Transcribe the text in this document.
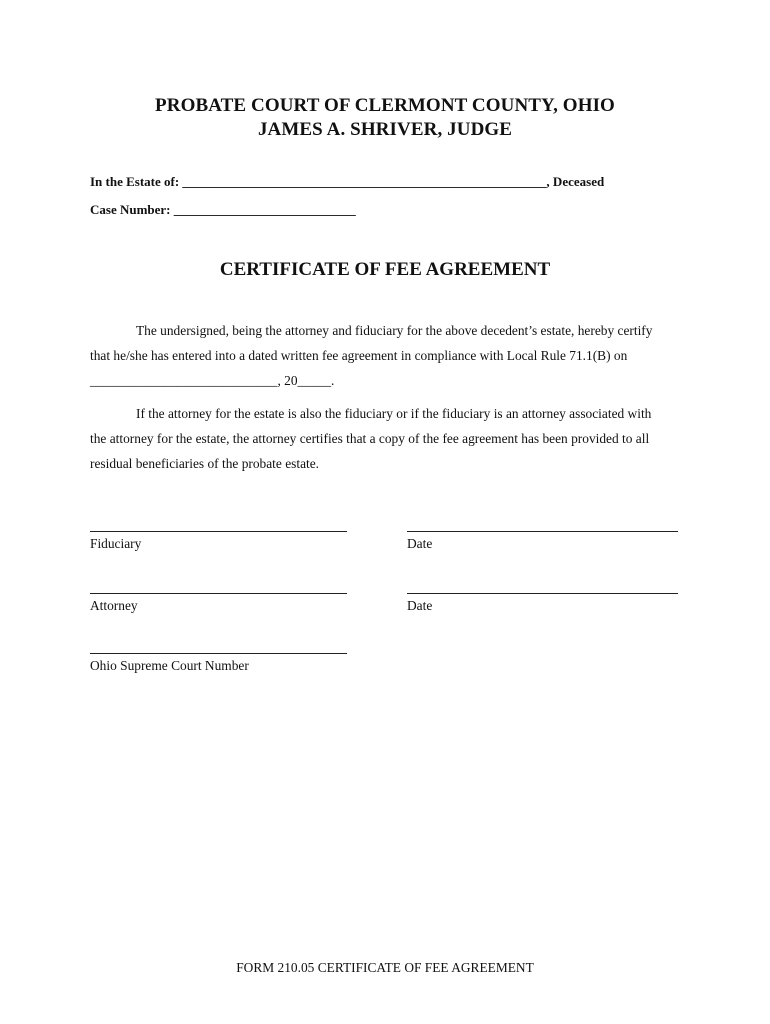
PROBATE COURT OF CLERMONT COUNTY, OHIO
JAMES A. SHRIVER, JUDGE
In the Estate of: ________________________________________________________, Deceased
Case Number: ____________________________
CERTIFICATE OF FEE AGREEMENT
The undersigned, being the attorney and fiduciary for the above decedent’s estate, hereby certify
that he/she has entered into a dated written fee agreement in compliance with Local Rule 71.1(B) on
____________________________, 20_____.
If the attorney for the estate is also the fiduciary or if the fiduciary is an attorney associated with
the attorney for the estate, the attorney certifies that a copy of the fee agreement has been provided to all
residual beneficiaries of the probate estate.
Fiduciary	Date
Attorney	Date
Ohio Supreme Court Number
FORM 210.05 CERTIFICATE OF FEE AGREEMENT
